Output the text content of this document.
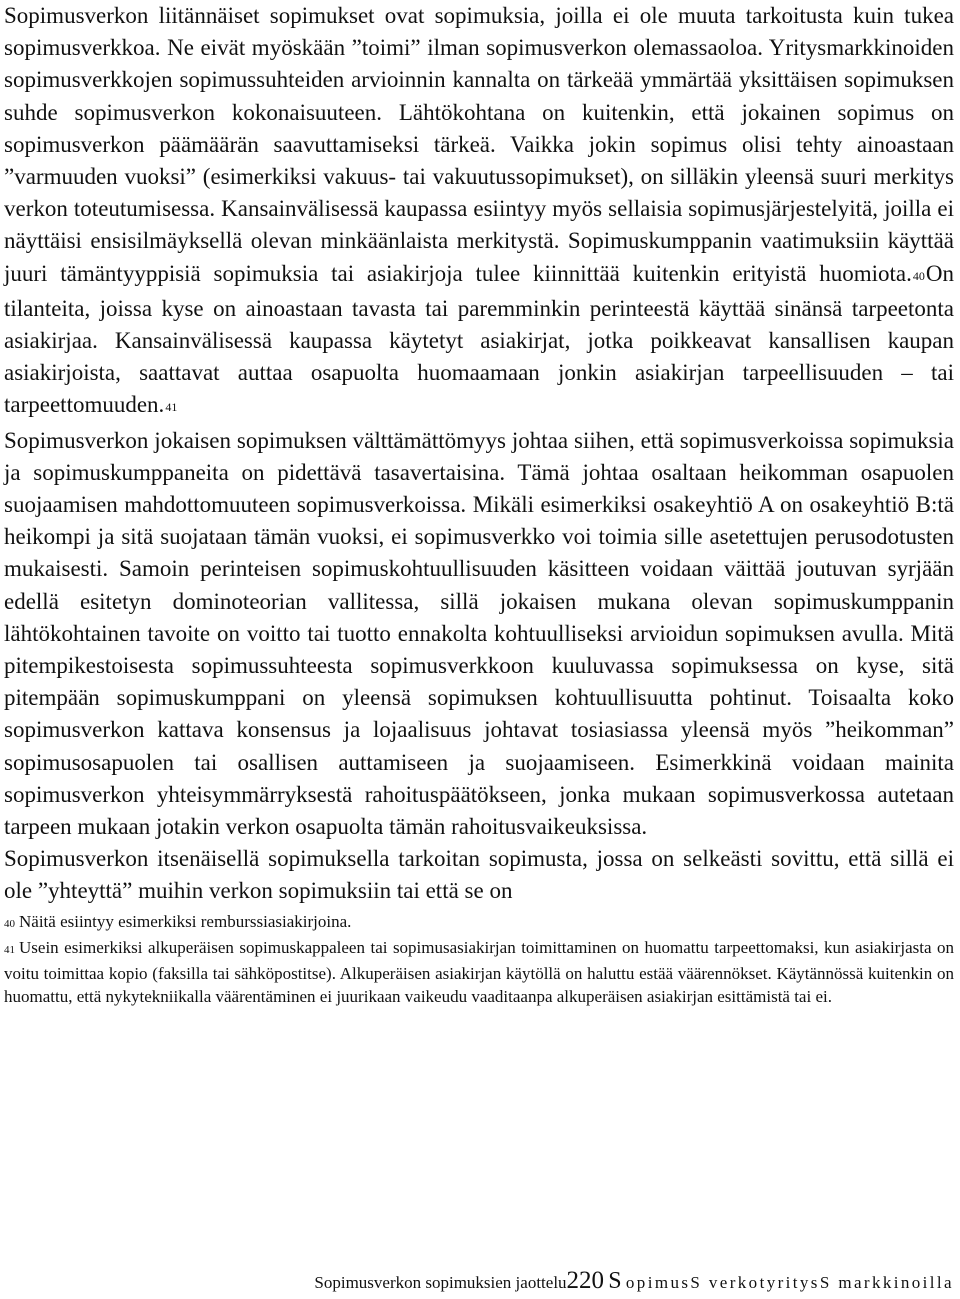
Sopimusverkon liitännäiset sopimukset ovat sopimuksia, joilla ei ole muuta tarkoitusta kuin tukea sopimusverkkoa. Ne eivät myöskään ”toimi” ilman sopimusverkon olemassaoloa. Yritysmarkkinoiden sopimusverkkojen sopimussuhteiden arvioinnin kannalta on tärkeää ymmärtää yksittäisen sopimuksen suhde sopimusverkon kokonaisuuteen. Lähtökohtana on kuitenkin, että jokainen sopimus on sopimusverkon päämäärän saavuttamiseksi tärkeä. Vaikka jokin sopimus olisi tehty ainoastaan ”varmuuden vuoksi” (esimerkiksi vakuus- tai vakuutussopimukset), on silläkin yleensä suuri merkitys verkon toteutumisessa. Kansainvälisessä kaupassa esiintyy myös sellaisia sopimusjärjestelyitä, joilla ei näyttäisi ensisilmäyksellä olevan minkäänlaista merkitystä. Sopimuskumppanin vaatimuksiin käyttää juuri tämäntyyppisiä sopimuksia tai asiakirjoja tulee kiinnittää kuitenkin erityistä huomiota.40On tilanteita, joissa kyse on ainoastaan tavasta tai paremminkin perinteestä käyttää sinänsä tarpeetonta asiakirjaa. Kansainvälisessä kaupassa käytetyt asiakirjat, jotka poikkeavat kansallisen kaupan asiakirjoista, saattavat auttaa osapuolta huomaamaan jonkin asiakirjan tarpeellisuuden – tai tarpeettomuuden.41

Sopimusverkon jokaisen sopimuksen välttämättömyys johtaa siihen, että sopimusverkoissa sopimuksia ja sopimuskumppaneita on pidettävä tasavertaisina. Tämä johtaa osaltaan heikomman osapuolen suojaamisen mahdottomuuteen sopimusverkoissa. Mikäli esimerkiksi osakeyhtiö A on osakeyhtiö B:tä heikompi ja sitä suojataan tämän vuoksi, ei sopimusverkko voi toimia sille asetettujen perusodotusten mukaisesti. Samoin perinteisen sopimuskohtuullisuuden käsitteen voidaan väittää joutuvan syrjään edellä esitetyn dominoteorian vallitessa, sillä jokaisen mukana olevan sopimuskumppanin lähtökohtainen tavoite on voitto tai tuotto ennakolta kohtuulliseksi arvioidun sopimuksen avulla. Mitä pitempikestoisesta sopimussuhteesta sopimusverkkoon kuuluvassa sopimuksessa on kyse, sitä pitempään sopimuskumppani on yleensä sopimuksen kohtuullisuutta pohtinut. Toisaalta koko sopimusverkon kattava konsensus ja lojaalisuus johtavat tosiasiassa yleensä myös ”heikomman” sopimusosapuolen tai osallisen auttamiseen ja suojaamiseen. Esimerkkinä voidaan mainita sopimusverkon yhteisymmärryksestä rahoituspäätökseen, jonka mukaan sopimusverkossa autetaan tarpeen mukaan jotakin verkon osapuolta tämän rahoitusvaikeuksissa.

Sopimusverkon itsenäisellä sopimuksella tarkoitan sopimusta, jossa on selkeästi sovittu, että sillä ei ole ”yhteyttä” muihin verkon sopimuksiin tai että se on

40 Näitä esiintyy esimerkiksi remburssiasiakirjoina.

41 Usein esimerkiksi alkuperäisen sopimuskappaleen tai sopimusasiakirjan toimittaminen on huomattu tarpeettomaksi, kun asiakirjasta on voitu toimittaa kopio (faksilla tai sähköpostitse). Alkuperäisen asiakirjan käytöllä on haluttu estää väärennökset. Käytännössä kuitenkin on huomattu, että nykytekniikalla väärentäminen ei juurikaan vaikeudu vaaditaanpa alkuperäisen asiakirjan esittämistä tai ei.

Sopimusverkon sopimuksien jaottelu220 S opimusS verkotyritysS markkinoilla
